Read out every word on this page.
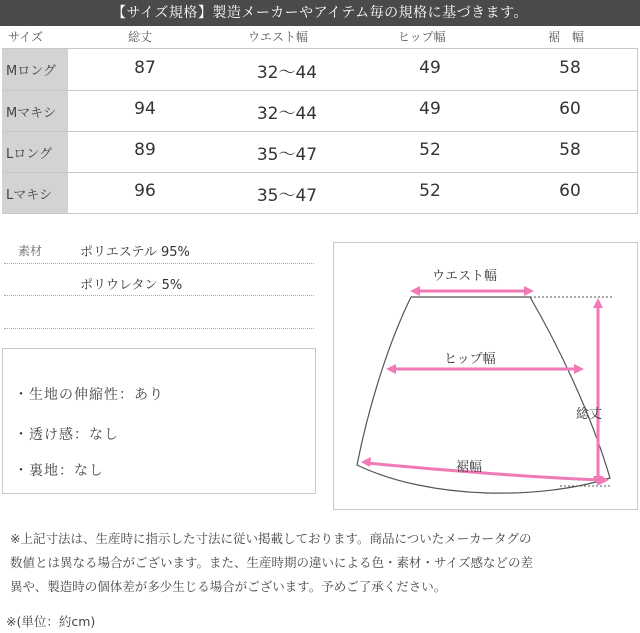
【サイズ規格】製造メーカーやアイテム毎の規格に基づきます。
サイズ	総丈	ウエスト幅	ヒップ幅	裾　幅
Mロング	87	32〜44	49	58
Mマキシ	94	32〜44	49	60
Lロング	89	35〜47	52	58
Lマキシ	96	35〜47	52	60
素材	ポリエステル 95%
ポリウレタン 5%
・生地の伸縮性：あり
・透け感：なし
・裏地：なし
ウエスト幅
ヒップ幅
裾幅
総丈
※上記寸法は、生産時に指示した寸法に従い掲載しております。商品についたメーカータグの
数値とは異なる場合がございます。また、生産時期の違いによる色・素材・サイズ感などの差
異や、製造時の個体差が多少生じる場合がございます。予めご了承ください。
※(単位：約cm)
